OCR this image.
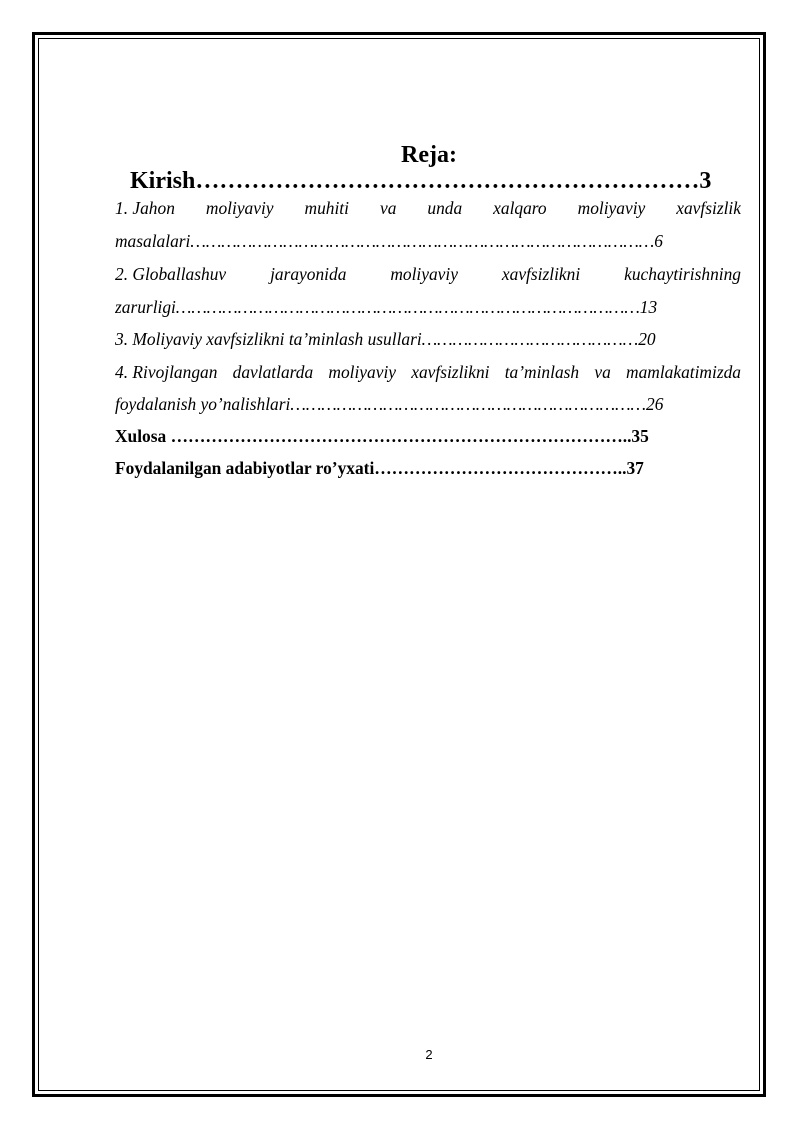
Reja:
Kirish………………………………………………………3
1. Jahon moliyaviy muhiti va unda xalqaro moliyaviy xavfsizlik
masalalari………………………………………………………………………………6
2. Globallashuv	jarayonida	moliyaviy	xavfsizlikni	kuchaytirishning
zarurligi………………………………………………………………………………13
3. Moliyaviy xavfsizlikni ta’minlash usullari……………………………………20
4. Rivojlangan davlatlarda moliyaviy xavfsizlikni ta’minlash va mamlakatimizda
foydalanish yo’nalishlari……………………………………………………………26
Xulosa ……………………………………………………………………..35
Foydalanilgan adabiyotlar ro’yxati……………………………………..37
2
